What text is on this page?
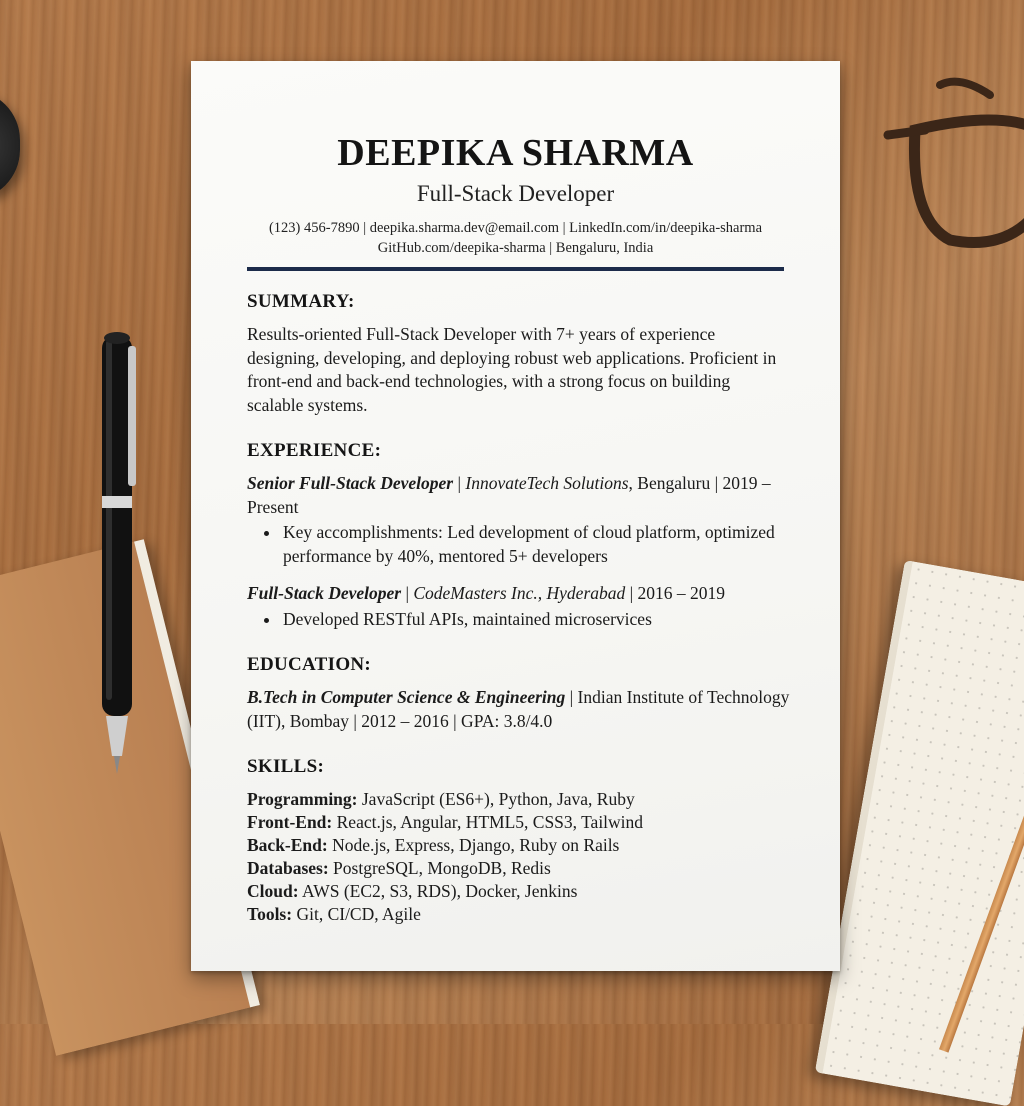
DEEPIKA SHARMA
Full-Stack Developer
(123) 456-7890 | deepika.sharma.dev@email.com | LinkedIn.com/in/deepika-sharma
GitHub.com/deepika-sharma | Bengaluru, India
SUMMARY:
Results-oriented Full-Stack Developer with 7+ years of experience designing, developing, and deploying robust web applications. Proficient in front-end and back-end technologies, with a strong focus on building scalable systems.
EXPERIENCE:
Senior Full-Stack Developer | InnovateTech Solutions, Bengaluru | 2019 – Present
• Key accomplishments: Led development of cloud platform, optimized performance by 40%, mentored 5+ developers
Full-Stack Developer | CodeMasters Inc., Hyderabad | 2016 – 2019
• Developed RESTful APIs, maintained microservices
EDUCATION:
B.Tech in Computer Science & Engineering | Indian Institute of Technology (IIT), Bombay | 2012 – 2016 | GPA: 3.8/4.0
SKILLS:
Programming: JavaScript (ES6+), Python, Java, Ruby
Front-End: React.js, Angular, HTML5, CSS3, Tailwind
Back-End: Node.js, Express, Django, Ruby on Rails
Databases: PostgreSQL, MongoDB, Redis
Cloud: AWS (EC2, S3, RDS), Docker, Jenkins
Tools: Git, CI/CD, Agile
